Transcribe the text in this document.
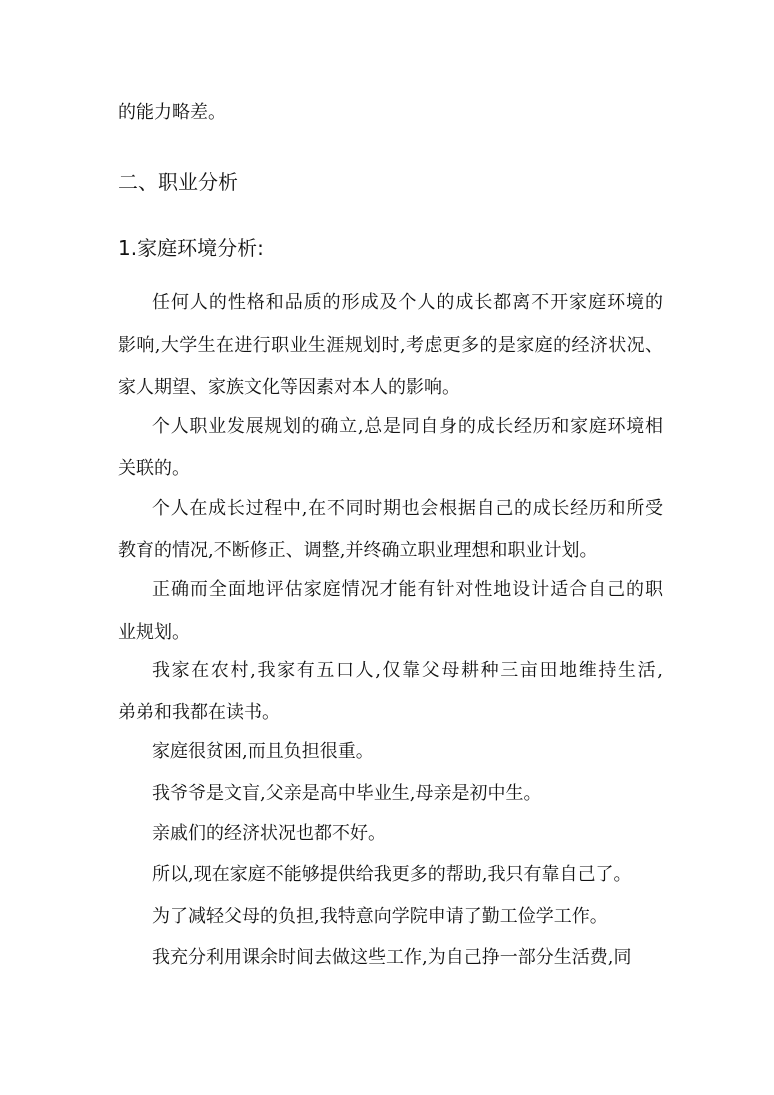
的能力略差。
二、职业分析
1.家庭环境分析:
任何人的性格和品质的形成及个人的成长都离不开家庭环境的
影响,大学生在进行职业生涯规划时,考虑更多的是家庭的经济状况、
家人期望、家族文化等因素对本人的影响。
个人职业发展规划的确立,总是同自身的成长经历和家庭环境相
关联的。
个人在成长过程中,在不同时期也会根据自己的成长经历和所受
教育的情况,不断修正、调整,并终确立职业理想和职业计划。
正确而全面地评估家庭情况才能有针对性地设计适合自己的职
业规划。
我家在农村,我家有五口人,仅靠父母耕种三亩田地维持生活,
弟弟和我都在读书。
家庭很贫困,而且负担很重。
我爷爷是文盲,父亲是高中毕业生,母亲是初中生。
亲戚们的经济状况也都不好。
所以,现在家庭不能够提供给我更多的帮助,我只有靠自己了。
为了减轻父母的负担,我特意向学院申请了勤工俭学工作。
我充分利用课余时间去做这些工作,为自己挣一部分生活费,同
